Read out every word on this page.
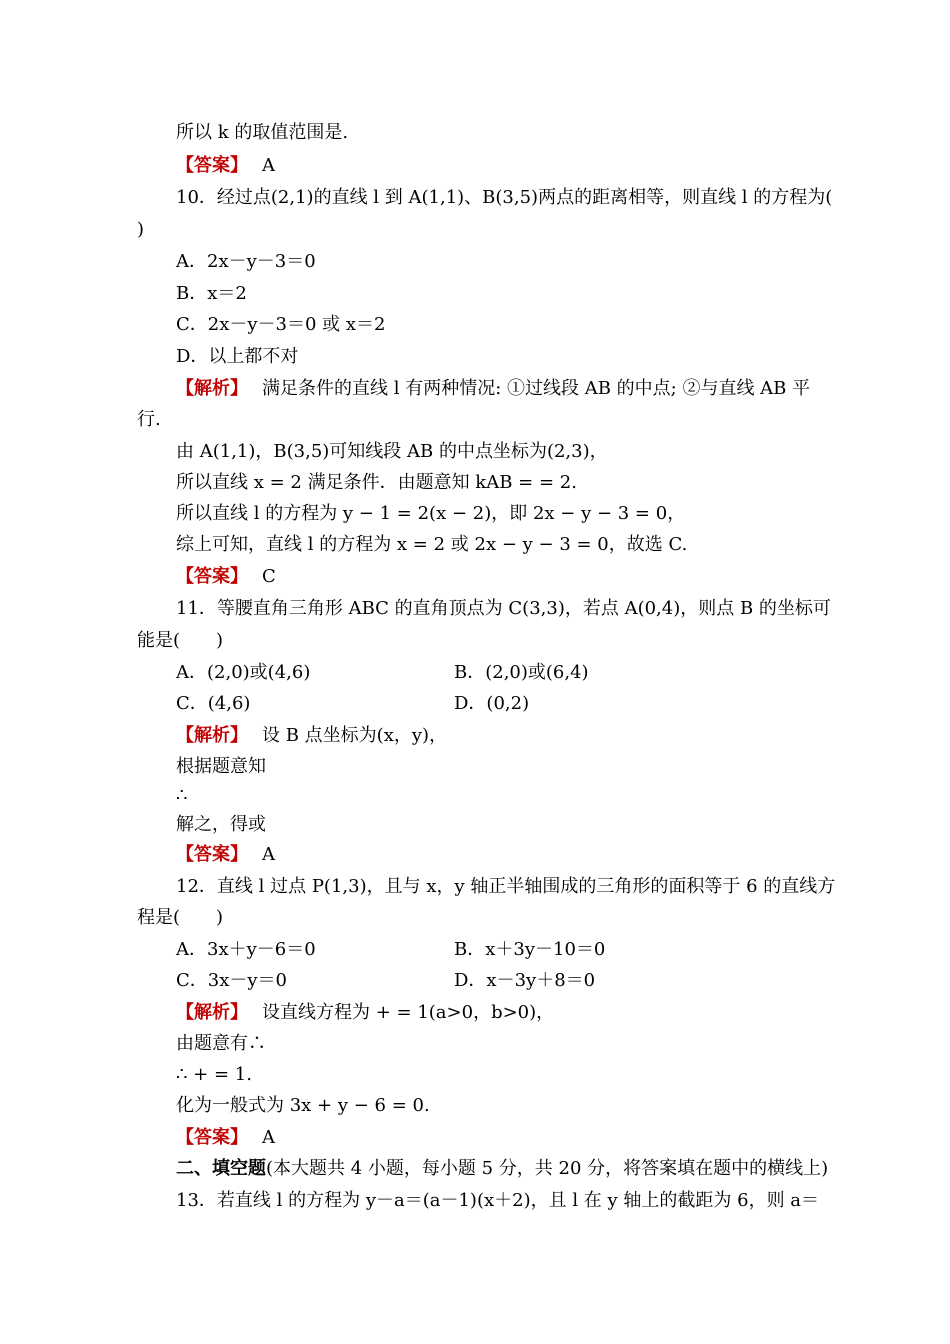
所以 k 的取值范围是.
【答案】 A
10．经过点(2,1)的直线 l 到 A(1,1)、B(3,5)两点的距离相等，则直线 l 的方程为(
)
A．2x－y－3＝0
B．x＝2
C．2x－y－3＝0 或 x＝2
D．以上都不对
【解析】 满足条件的直线 l 有两种情况: ①过线段 AB 的中点; ②与直线 AB 平
行.
由 A(1,1)，B(3,5)可知线段 AB 的中点坐标为(2,3)，
所以直线 x = 2 满足条件．由题意知 kAB = = 2.
所以直线 l 的方程为 y − 1 = 2(x − 2)，即 2x − y − 3 = 0，
综上可知，直线 l 的方程为 x = 2 或 2x − y − 3 = 0，故选 C.
【答案】 C
11．等腰直角三角形 ABC 的直角顶点为 C(3,3)，若点 A(0,4)，则点 B 的坐标可
能是(　　)
A．(2,0)或(4,6)	B．(2,0)或(6,4)
C．(4,6)	D．(0,2)
【解析】 设 B 点坐标为(x，y)，
根据题意知
∴
解之，得或
【答案】 A
12．直线 l 过点 P(1,3)，且与 x，y 轴正半轴围成的三角形的面积等于 6 的直线方
程是(　　)
A．3x＋y－6＝0	B．x＋3y－10＝0
C．3x－y＝0	D．x－3y＋8＝0
【解析】 设直线方程为 + = 1(a>0，b>0)，
由题意有∴
∴ + = 1.
化为一般式为 3x + y − 6 = 0.
【答案】 A
二、填空题(本大题共 4 小题，每小题 5 分，共 20 分，将答案填在题中的横线上)
13．若直线 l 的方程为 y－a＝(a－1)(x＋2)，且 l 在 y 轴上的截距为 6，则 a＝
